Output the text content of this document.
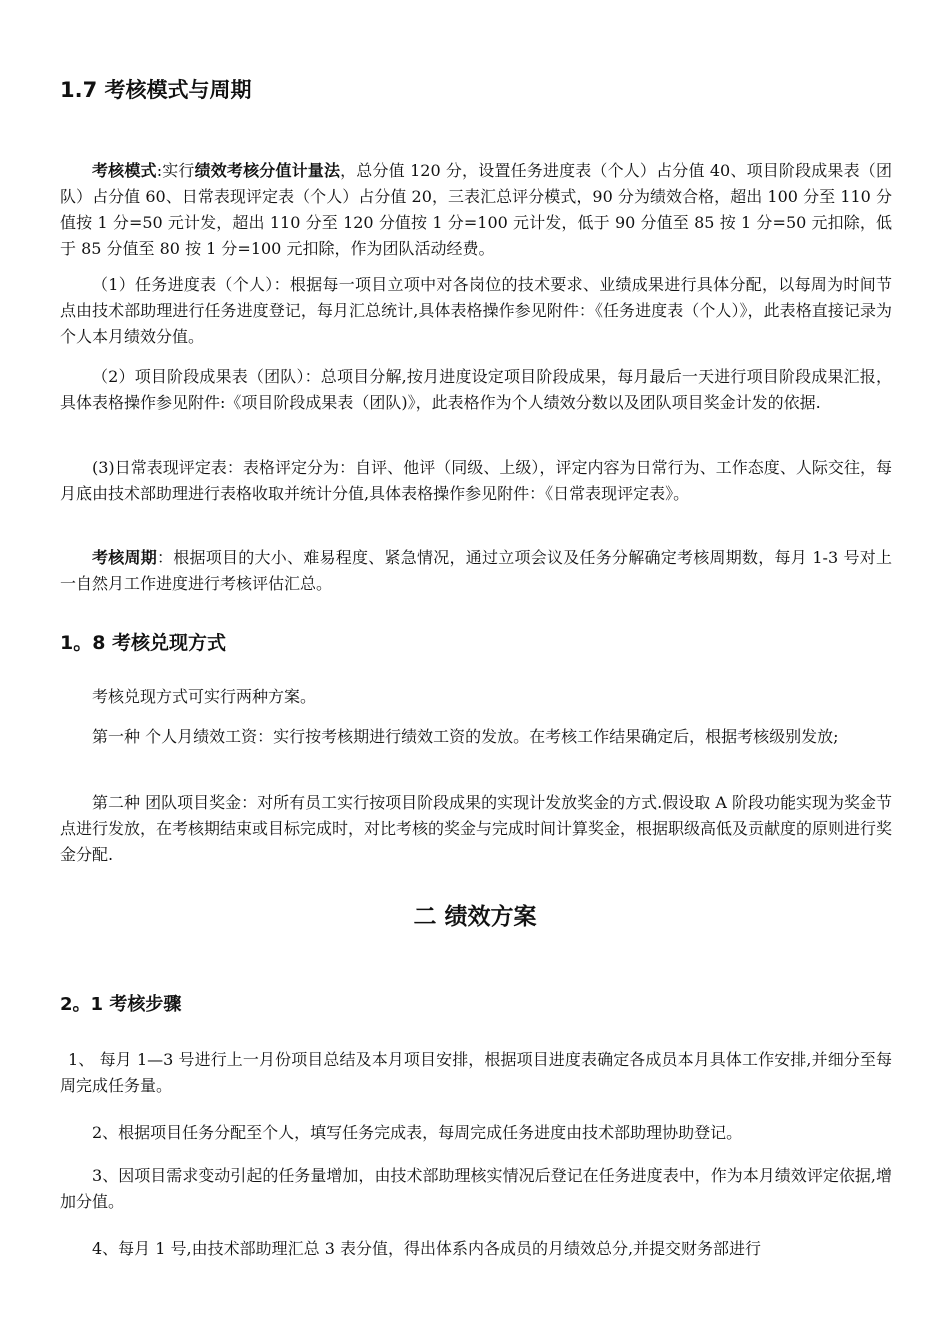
1.7 考核模式与周期

考核模式:实行绩效考核分值计量法，总分值 120 分，设置任务进度表（个人）占分值 40、项目阶段成果表（团队）占分值 60、日常表现评定表（个人）占分值 20，三表汇总评分模式，90 分为绩效合格，超出 100 分至 110 分值按 1 分=50 元计发，超出 110 分至 120 分值按 1 分=100 元计发，低于 90 分值至 85 按 1 分=50 元扣除，低于 85 分值至 80 按 1 分=100 元扣除，作为团队活动经费。

（1）任务进度表（个人）：根据每一项目立项中对各岗位的技术要求、业绩成果进行具体分配，以每周为时间节点由技术部助理进行任务进度登记，每月汇总统计,具体表格操作参见附件：《任务进度表（个人）》，此表格直接记录为个人本月绩效分值。

（2）项目阶段成果表（团队）：总项目分解,按月进度设定项目阶段成果，每月最后一天进行项目阶段成果汇报，具体表格操作参见附件:《项目阶段成果表（团队)》，此表格作为个人绩效分数以及团队项目奖金计发的依据.

(3)日常表现评定表：表格评定分为：自评、他评（同级、上级），评定内容为日常行为、工作态度、人际交往，每月底由技术部助理进行表格收取并统计分值,具体表格操作参见附件：《日常表现评定表》。

考核周期：根据项目的大小、难易程度、紧急情况，通过立项会议及任务分解确定考核周期数，每月 1-3 号对上一自然月工作进度进行考核评估汇总。

1。8 考核兑现方式

考核兑现方式可实行两种方案。

第一种 个人月绩效工资：实行按考核期进行绩效工资的发放。在考核工作结果确定后，根据考核级别发放;

第二种 团队项目奖金：对所有员工实行按项目阶段成果的实现计发放奖金的方式.假设取 A 阶段功能实现为奖金节点进行发放，在考核期结束或目标完成时，对比考核的奖金与完成时间计算奖金，根据职级高低及贡献度的原则进行奖金分配.

二 绩效方案
2。1 考核步骤

1、 每月 1—3 号进行上一月份项目总结及本月项目安排，根据项目进度表确定各成员本月具体工作安排,并细分至每周完成任务量。

2、根据项目任务分配至个人，填写任务完成表，每周完成任务进度由技术部助理协助登记。

3、因项目需求变动引起的任务量增加，由技术部助理核实情况后登记在任务进度表中，作为本月绩效评定依据,增加分值。

4、每月 1 号,由技术部助理汇总 3 表分值，得出体系内各成员的月绩效总分,并提交财务部进行
